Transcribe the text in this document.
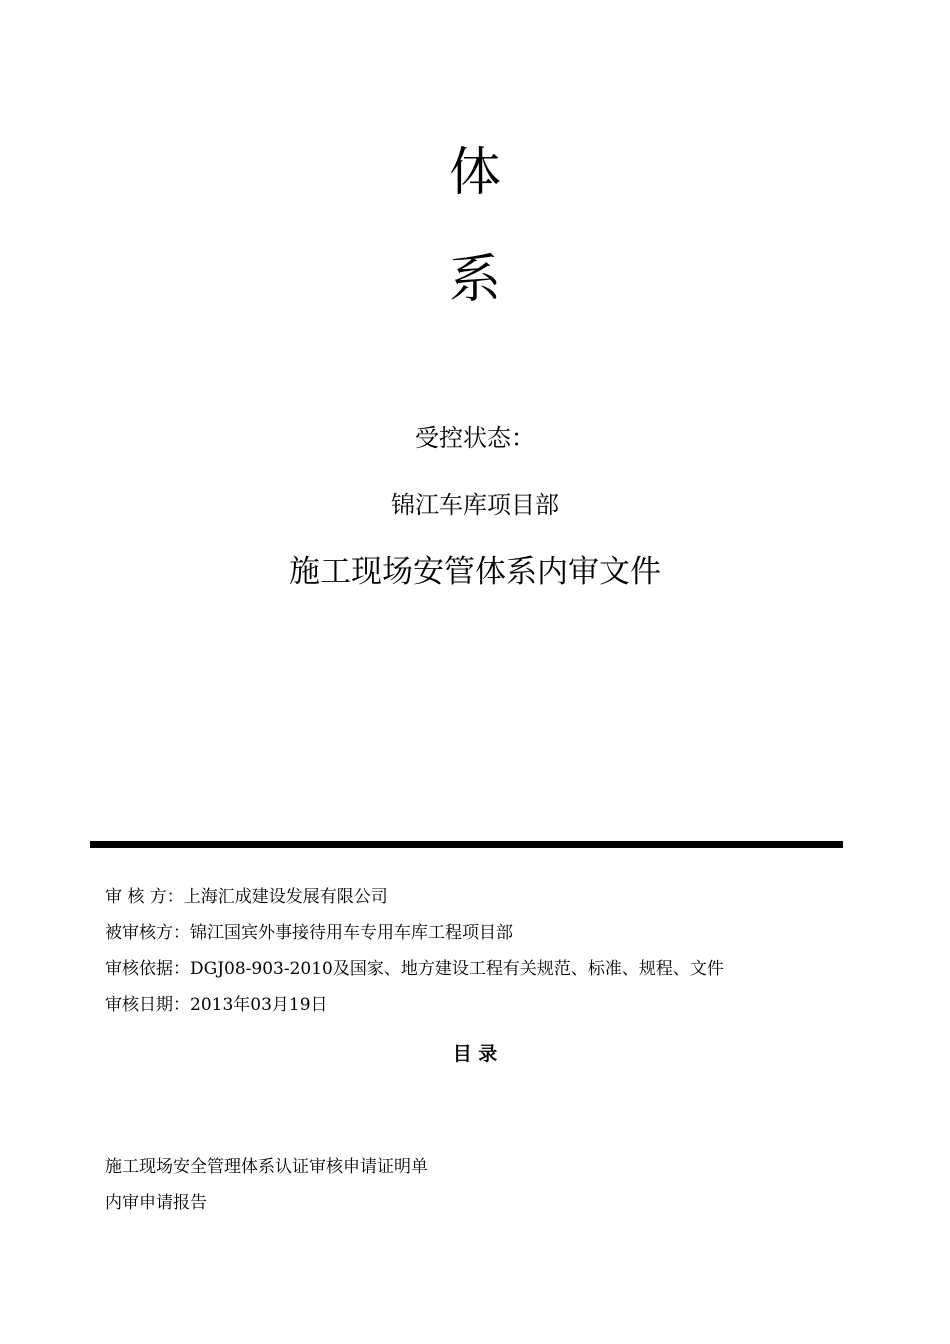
体
系
受控状态：
锦江车库项目部
施工现场安管体系内审文件
审 核 方：上海汇成建设发展有限公司
被审核方：锦江国宾外事接待用车专用车库工程项目部
审核依据：DGJ08-903-2010及国家、地方建设工程有关规范、标准、规程、文件
审核日期：2013年03月19日
目 录
施工现场安全管理体系认证审核申请证明单
内审申请报告
